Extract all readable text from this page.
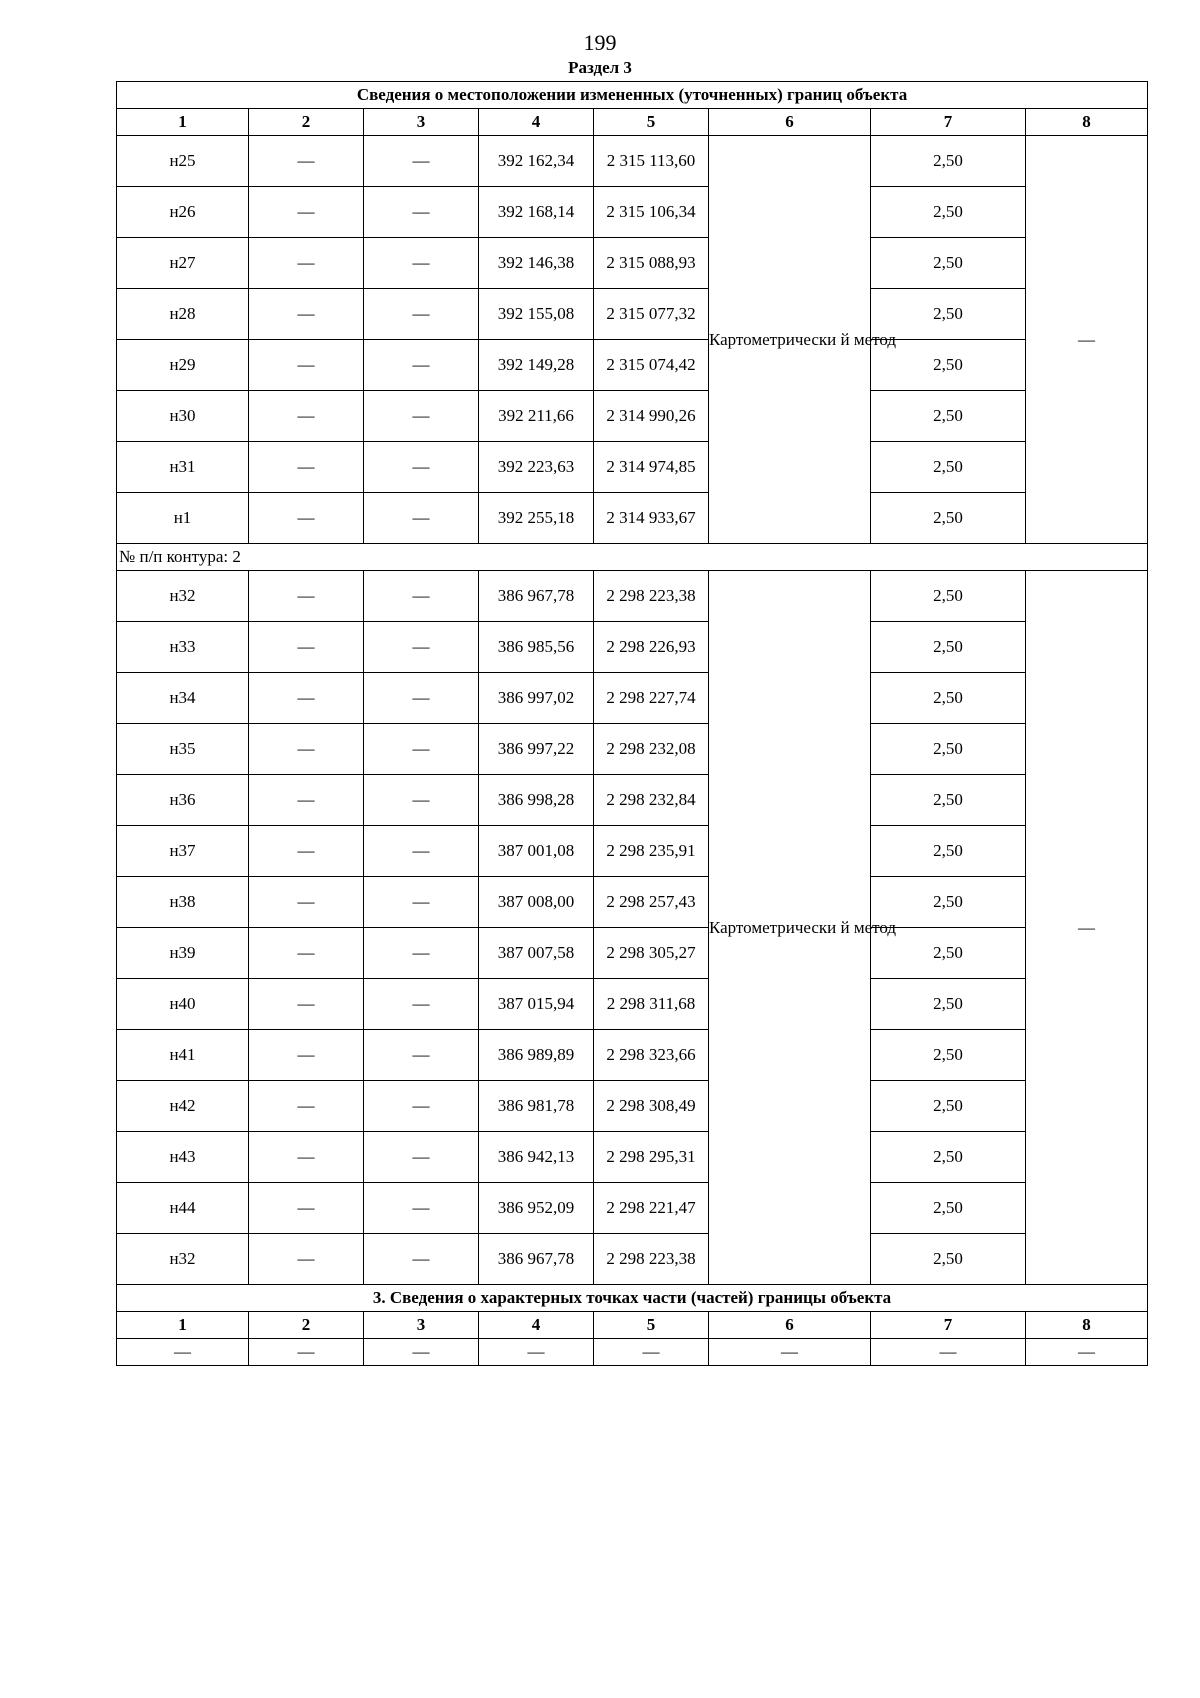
199
Раздел 3
Сведения о местоположении измененных (уточненных) границ объекта							
1	2	3	4	5	6	7	8
н25	—	—	392 162,34	2 315 113,60	Картометрически й метод	2,50	—
н26	—	—	392 168,14	2 315 106,34		2,50	
н27	—	—	392 146,38	2 315 088,93		2,50	
н28	—	—	392 155,08	2 315 077,32		2,50	
н29	—	—	392 149,28	2 315 074,42		2,50	
н30	—	—	392 211,66	2 314 990,26		2,50	
н31	—	—	392 223,63	2 314 974,85		2,50	
н1	—	—	392 255,18	2 314 933,67		2,50	
№ п/п контура: 2							
н32	—	—	386 967,78	2 298 223,38	Картометрически й метод	2,50	—
н33	—	—	386 985,56	2 298 226,93		2,50	
н34	—	—	386 997,02	2 298 227,74		2,50	
н35	—	—	386 997,22	2 298 232,08		2,50	
н36	—	—	386 998,28	2 298 232,84		2,50	
н37	—	—	387 001,08	2 298 235,91		2,50	
н38	—	—	387 008,00	2 298 257,43		2,50	
н39	—	—	387 007,58	2 298 305,27		2,50	
н40	—	—	387 015,94	2 298 311,68		2,50	
н41	—	—	386 989,89	2 298 323,66		2,50	
н42	—	—	386 981,78	2 298 308,49		2,50	
н43	—	—	386 942,13	2 298 295,31		2,50	
н44	—	—	386 952,09	2 298 221,47		2,50	
н32	—	—	386 967,78	2 298 223,38		2,50	
3. Сведения о характерных точках части (частей) границы объекта							
1	2	3	4	5	6	7	8
—	—	—	—	—	—	—	—
